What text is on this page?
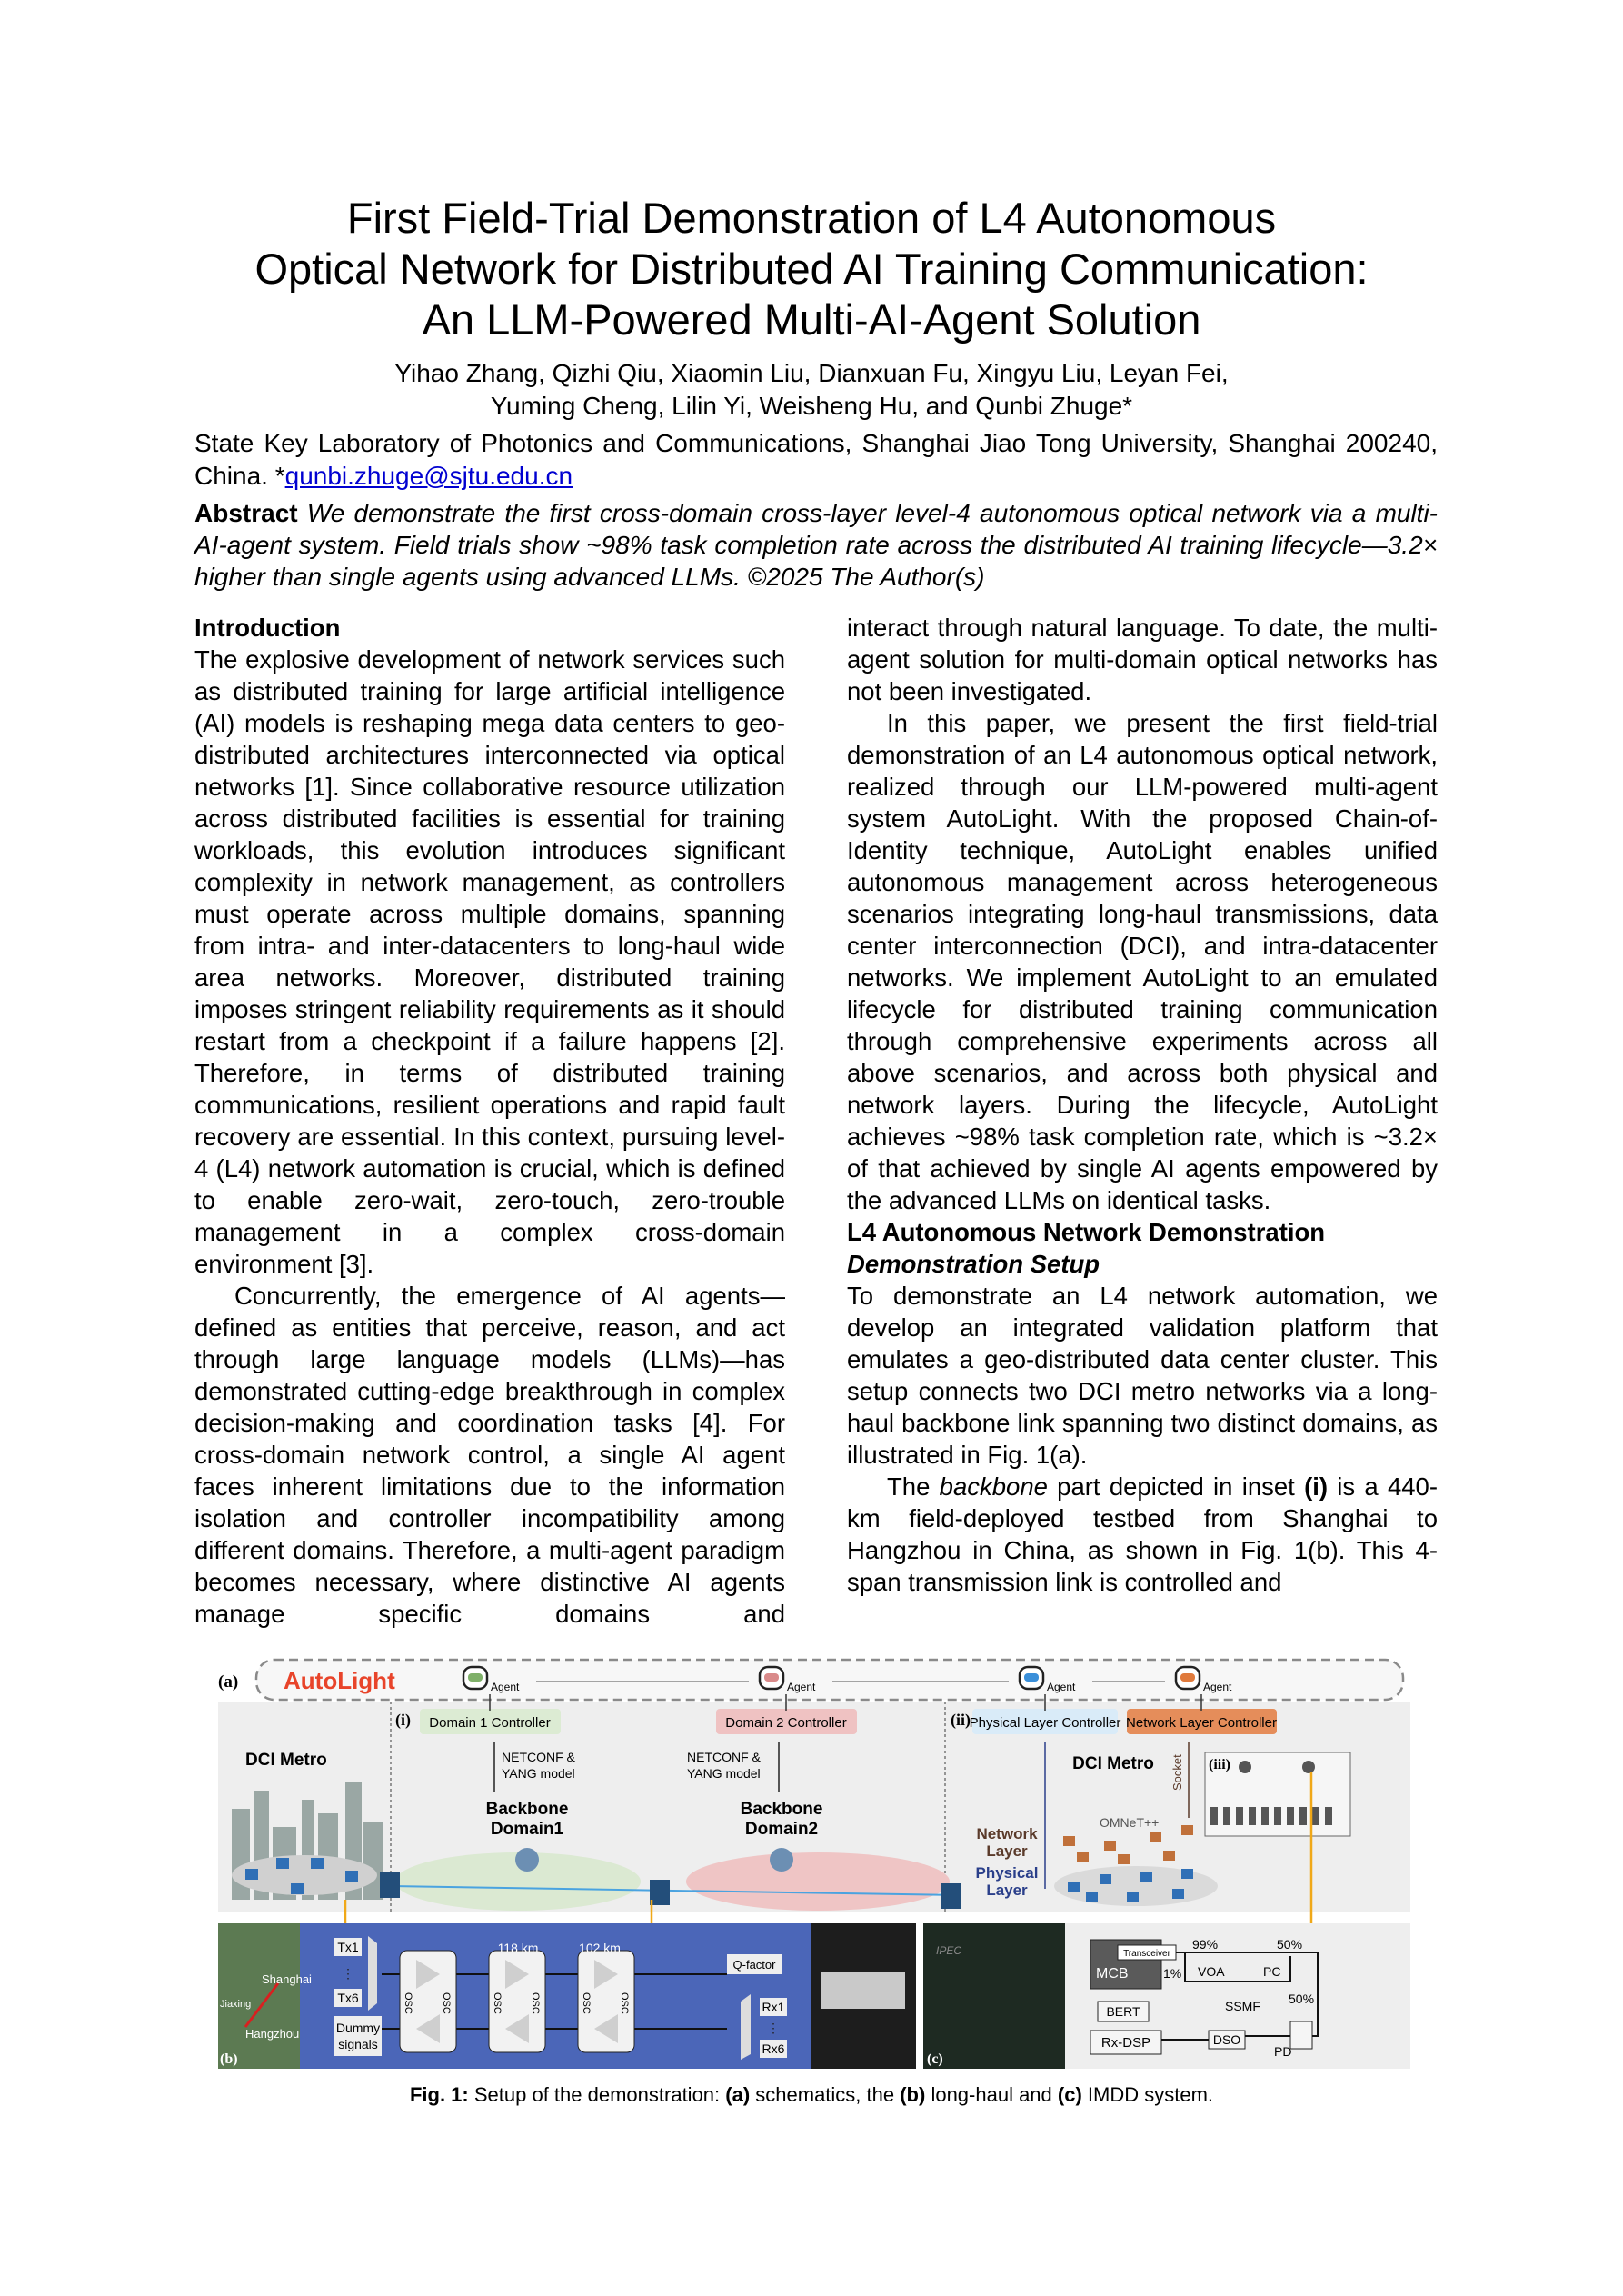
First Field-Trial Demonstration of L4 Autonomous
Optical Network for Distributed AI Training Communication:
An LLM-Powered Multi-AI-Agent Solution
Yihao Zhang, Qizhi Qiu, Xiaomin Liu, Dianxuan Fu, Xingyu Liu, Leyan Fei,
Yuming Cheng, Lilin Yi, Weisheng Hu, and Qunbi Zhuge*
State Key Laboratory of Photonics and Communications, Shanghai Jiao Tong University, Shanghai 200240, China. *qunbi.zhuge@sjtu.edu.cn
Abstract We demonstrate the first cross-domain cross-layer level-4 autonomous optical network via a multi-AI-agent system. Field trials show ~98% task completion rate across the distributed AI training lifecycle—3.2× higher than single agents using advanced LLMs. ©2025 The Author(s)
Introduction

The explosive development of network services such as distributed training for large artificial intelligence (AI) models is reshaping mega data centers to geo-distributed architectures interconnected via optical networks [1]. Since collaborative resource utilization across distributed facilities is essential for training workloads, this evolution introduces significant complexity in network management, as controllers must operate across multiple domains, spanning from intra- and inter-datacenters to long-haul wide area networks. Moreover, distributed training imposes stringent reliability requirements as it should restart from a checkpoint if a failure happens [2]. Therefore, in terms of distributed training communications, resilient operations and rapid fault recovery are essential. In this context, pursuing level-4 (L4) network automation is crucial, which is defined to enable zero-wait, zero-touch, zero-trouble management in a complex cross-domain environment [3].

Concurrently, the emergence of AI agents—defined as entities that perceive, reason, and act through large language models (LLMs)—has demonstrated cutting-edge breakthrough in complex decision-making and coordination tasks [4]. For cross-domain network control, a single AI agent faces inherent limitations due to the information isolation and controller incompatibility among different domains. Therefore, a multi-agent paradigm becomes necessary, where distinctive AI agents manage specific domains and

interact through natural language. To date, the multi-agent solution for multi-domain optical networks has not been investigated.

In this paper, we present the first field-trial demonstration of an L4 autonomous optical network, realized through our LLM-powered multi-agent system AutoLight. With the proposed Chain-of-Identity technique, AutoLight enables unified autonomous management across heterogeneous scenarios integrating long-haul transmissions, data center interconnection (DCI), and intra-datacenter networks. We implement AutoLight to an emulated lifecycle for distributed training communication through comprehensive experiments across all above scenarios, and across both physical and network layers. During the lifecycle, AutoLight achieves ~98% task completion rate, which is ~3.2× of that achieved by single AI agents empowered by the advanced LLMs on identical tasks.

L4 Autonomous Network Demonstration
Demonstration Setup

To demonstrate an L4 network automation, we develop an integrated validation platform that emulates a geo-distributed data center cluster. This setup connects two DCI metro networks via a long-haul backbone link spanning two distinct domains, as illustrated in Fig. 1(a).

The backbone part depicted in inset (i) is a 440-km field-deployed testbed from Shanghai to Hangzhou in China, as shown in Fig. 1(b). This 4-span transmission link is controlled and

(a) AutoLight	Agent	Agent	Agent	Agent
(i)	(ii)
Domain 1 Controller	Domain 2 Controller	Physical Layer Controller Network Layer Controller
NETCONF &
YANG model
NETCONF &
YANG model
DCI Metro
Backbone
Domain1
Backbone
Domain2
DCI Metro
Network
Layer
Physical
Layer
OMNeT++
Socket (iii)
Shanghai
Jiaxing
Hangzhou
(b)
Tx1
⋮
Tx6
Dummy
signals
OSC	OSC	OSC	OSC	OSC	OSC
118 km	102 km
Q-factor
Rx1
⋮
Rx6
IPEC
(c)
MCB
Transceiver
BERT
Rx-DSP	DSO
PD
99%
1%
50%
50%
VOA	PC
SSMF
Fig. 1: Setup of the demonstration: (a) schematics, the (b) long-haul and (c) IMDD system.
